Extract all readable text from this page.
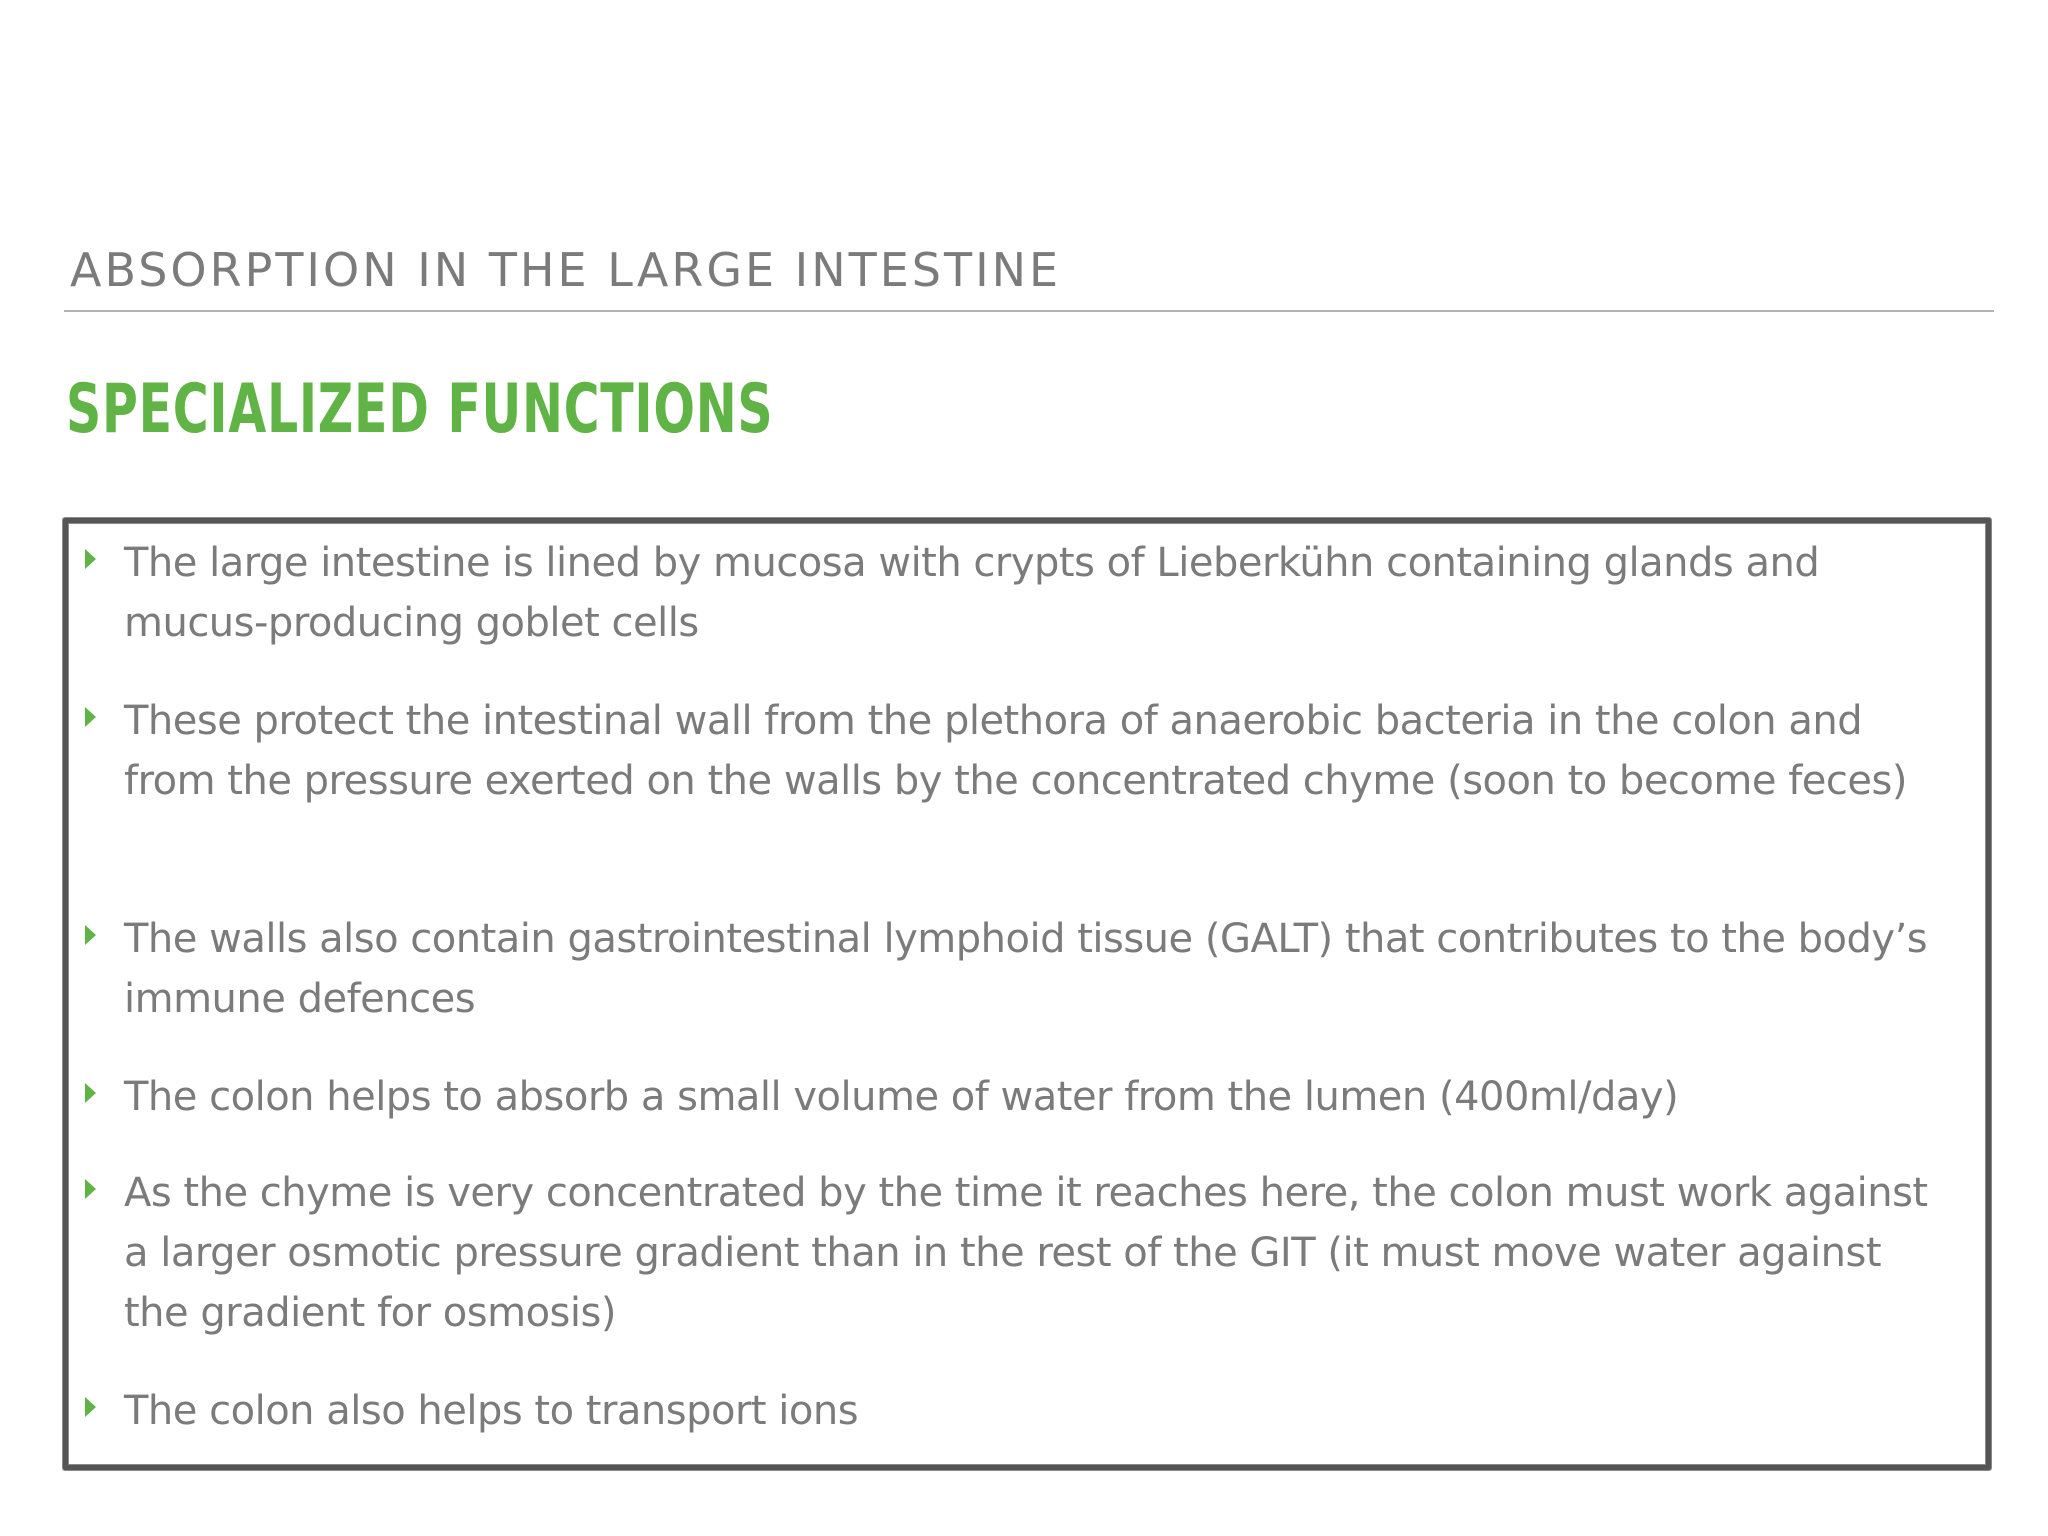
ABSORPTION IN THE LARGE INTESTINE
SPECIALIZED FUNCTIONS
The large intestine is lined by mucosa with crypts of Lieberkühn containing glands and mucus-producing goblet cells
These protect the intestinal wall from the plethora of anaerobic bacteria in the colon and from the pressure exerted on the walls by the concentrated chyme (soon to become feces)
The walls also contain gastrointestinal lymphoid tissue (GALT) that contributes to the body’s immune defences
The colon helps to absorb a small volume of water from the lumen (400ml/day)
As the chyme is very concentrated by the time it reaches here, the colon must work against a larger osmotic pressure gradient than in the rest of the GIT (it must move water against the gradient for osmosis)
The colon also helps to transport ions
